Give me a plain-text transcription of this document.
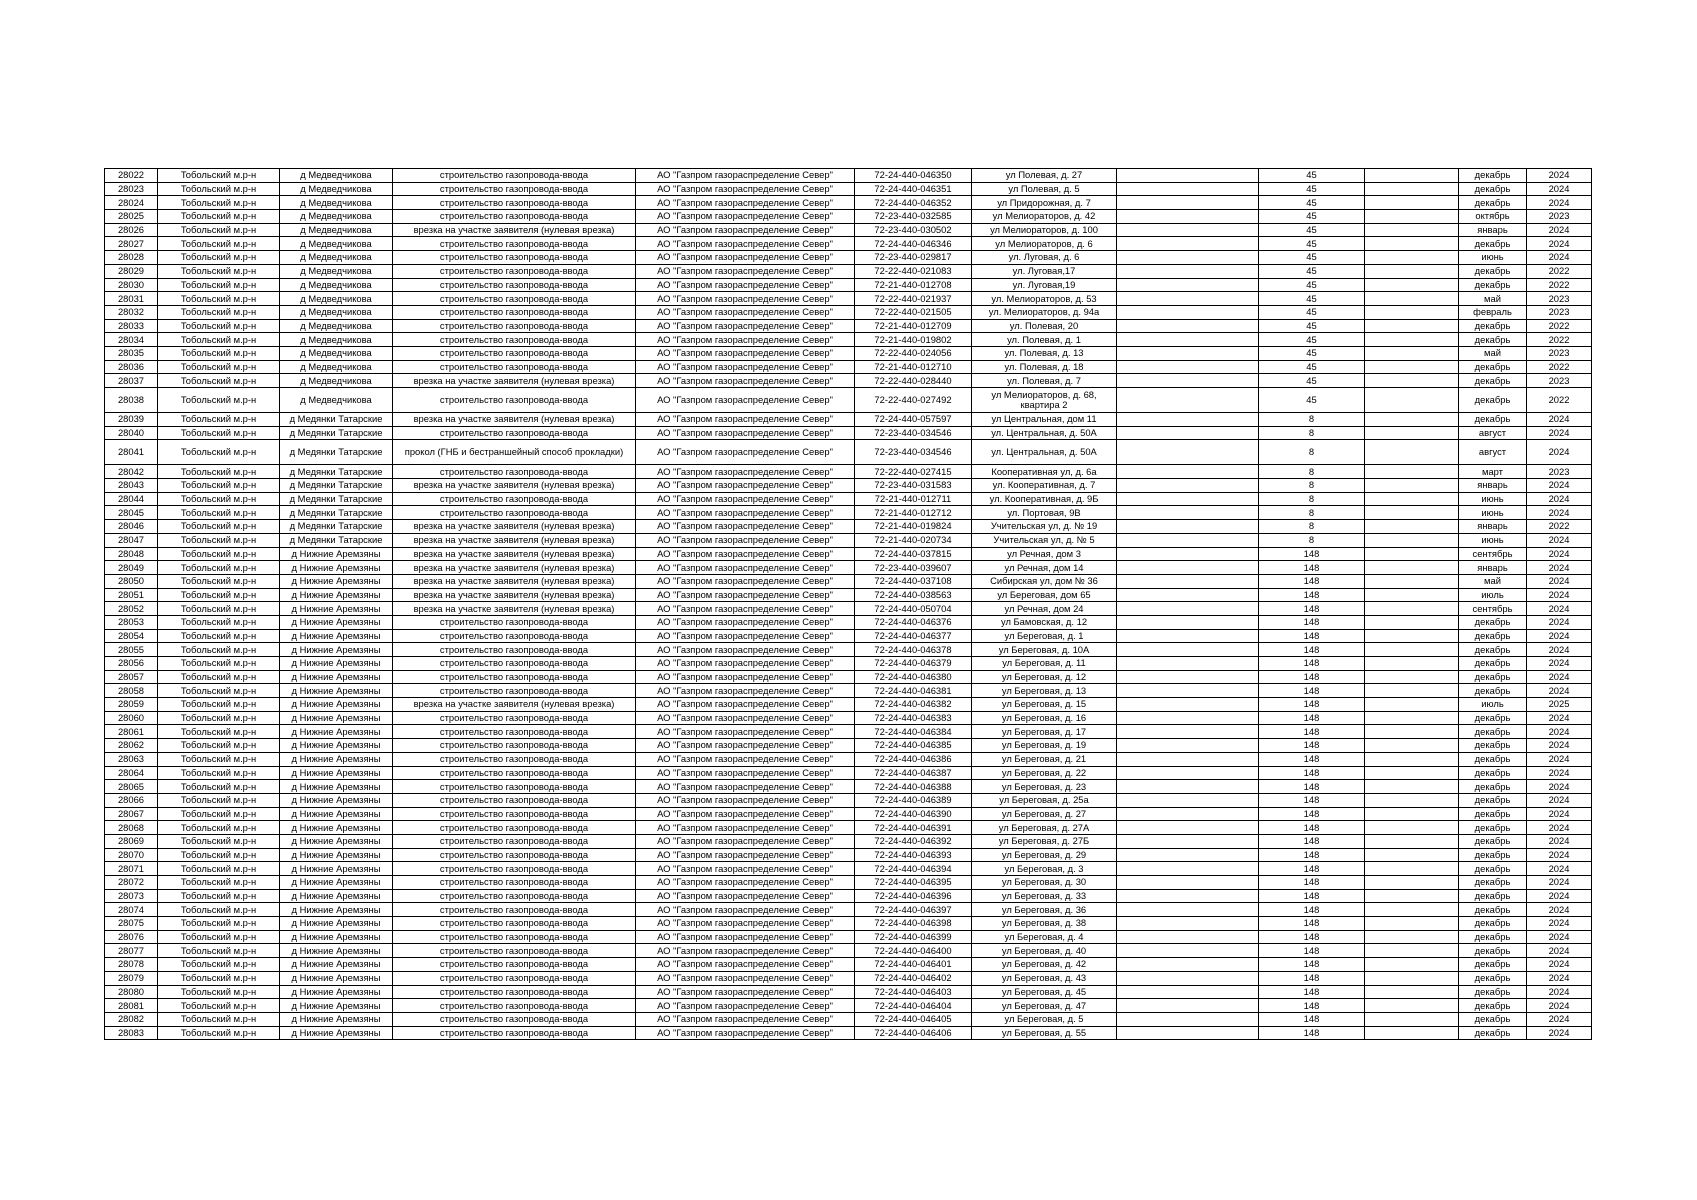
28022	Тобольский м.р-н	д Медведчикова	строительство газопровода-ввода	АО "Газпром газораспределение Север"	72-24-440-046350	ул Полевая, д. 27		45		декабрь	2024
28023	Тобольский м.р-н	д Медведчикова	строительство газопровода-ввода	АО "Газпром газораспределение Север"	72-24-440-046351	ул Полевая, д. 5		45		декабрь	2024
28024	Тобольский м.р-н	д Медведчикова	строительство газопровода-ввода	АО "Газпром газораспределение Север"	72-24-440-046352	ул Придорожная, д. 7		45		декабрь	2024
28025	Тобольский м.р-н	д Медведчикова	строительство газопровода-ввода	АО "Газпром газораспределение Север"	72-23-440-032585	ул Мелиораторов, д. 42		45		октябрь	2023
28026	Тобольский м.р-н	д Медведчикова	врезка на участке заявителя (нулевая врезка)	АО "Газпром газораспределение Север"	72-23-440-030502	ул Мелиораторов, д. 100		45		январь	2024
28027	Тобольский м.р-н	д Медведчикова	строительство газопровода-ввода	АО "Газпром газораспределение Север"	72-24-440-046346	ул Мелиораторов, д. 6		45		декабрь	2024
28028	Тобольский м.р-н	д Медведчикова	строительство газопровода-ввода	АО "Газпром газораспределение Север"	72-23-440-029817	ул. Луговая, д. 6		45		июнь	2024
28029	Тобольский м.р-н	д Медведчикова	строительство газопровода-ввода	АО "Газпром газораспределение Север"	72-22-440-021083	ул. Луговая,17		45		декабрь	2022
28030	Тобольский м.р-н	д Медведчикова	строительство газопровода-ввода	АО "Газпром газораспределение Север"	72-21-440-012708	ул. Луговая,19		45		декабрь	2022
28031	Тобольский м.р-н	д Медведчикова	строительство газопровода-ввода	АО "Газпром газораспределение Север"	72-22-440-021937	ул. Мелиораторов, д. 53		45		май	2023
28032	Тобольский м.р-н	д Медведчикова	строительство газопровода-ввода	АО "Газпром газораспределение Север"	72-22-440-021505	ул. Мелиораторов, д. 94а		45		февраль	2023
28033	Тобольский м.р-н	д Медведчикова	строительство газопровода-ввода	АО "Газпром газораспределение Север"	72-21-440-012709	ул. Полевая, 20		45		декабрь	2022
28034	Тобольский м.р-н	д Медведчикова	строительство газопровода-ввода	АО "Газпром газораспределение Север"	72-21-440-019802	ул. Полевая, д. 1		45		декабрь	2022
28035	Тобольский м.р-н	д Медведчикова	строительство газопровода-ввода	АО "Газпром газораспределение Север"	72-22-440-024056	ул. Полевая, д. 13		45		май	2023
28036	Тобольский м.р-н	д Медведчикова	строительство газопровода-ввода	АО "Газпром газораспределение Север"	72-21-440-012710	ул. Полевая, д. 18		45		декабрь	2022
28037	Тобольский м.р-н	д Медведчикова	врезка на участке заявителя (нулевая врезка)	АО "Газпром газораспределение Север"	72-22-440-028440	ул. Полевая, д. 7		45		декабрь	2023
28038	Тобольский м.р-н	д Медведчикова	строительство газопровода-ввода	АО "Газпром газораспределение Север"	72-22-440-027492	ул Мелиораторов, д. 68, квартира 2		45		декабрь	2022
28039	Тобольский м.р-н	д Медянки Татарские	врезка на участке заявителя (нулевая врезка)	АО "Газпром газораспределение Север"	72-24-440-057597	ул Центральная, дом 11		8		декабрь	2024
28040	Тобольский м.р-н	д Медянки Татарские	строительство газопровода-ввода	АО "Газпром газораспределение Север"	72-23-440-034546	ул. Центральная, д. 50А		8		август	2024
28041	Тобольский м.р-н	д Медянки Татарские	прокол (ГНБ и бестраншейный способ прокладки)	АО "Газпром газораспределение Север"	72-23-440-034546	ул. Центральная, д. 50А		8		август	2024
28042	Тобольский м.р-н	д Медянки Татарские	строительство газопровода-ввода	АО "Газпром газораспределение Север"	72-22-440-027415	Кооперативная ул, д. 6а		8		март	2023
28043	Тобольский м.р-н	д Медянки Татарские	врезка на участке заявителя (нулевая врезка)	АО "Газпром газораспределение Север"	72-23-440-031583	ул. Кооперативная, д. 7		8		январь	2024
28044	Тобольский м.р-н	д Медянки Татарские	строительство газопровода-ввода	АО "Газпром газораспределение Север"	72-21-440-012711	ул. Кооперативная, д. 9Б		8		июнь	2024
28045	Тобольский м.р-н	д Медянки Татарские	строительство газопровода-ввода	АО "Газпром газораспределение Север"	72-21-440-012712	ул. Портовая, 9В		8		июнь	2024
28046	Тобольский м.р-н	д Медянки Татарские	врезка на участке заявителя (нулевая врезка)	АО "Газпром газораспределение Север"	72-21-440-019824	Учительская ул, д. № 19		8		январь	2022
28047	Тобольский м.р-н	д Медянки Татарские	врезка на участке заявителя (нулевая врезка)	АО "Газпром газораспределение Север"	72-21-440-020734	Учительская ул, д. № 5		8		июнь	2024
28048	Тобольский м.р-н	д Нижние Аремзяны	врезка на участке заявителя (нулевая врезка)	АО "Газпром газораспределение Север"	72-24-440-037815	ул Речная, дом 3		148		сентябрь	2024
28049	Тобольский м.р-н	д Нижние Аремзяны	врезка на участке заявителя (нулевая врезка)	АО "Газпром газораспределение Север"	72-23-440-039607	ул Речная, дом 14		148		январь	2024
28050	Тобольский м.р-н	д Нижние Аремзяны	врезка на участке заявителя (нулевая врезка)	АО "Газпром газораспределение Север"	72-24-440-037108	Сибирская ул, дом № 36		148		май	2024
28051	Тобольский м.р-н	д Нижние Аремзяны	врезка на участке заявителя (нулевая врезка)	АО "Газпром газораспределение Север"	72-24-440-038563	ул Береговая, дом 65		148		июль	2024
28052	Тобольский м.р-н	д Нижние Аремзяны	врезка на участке заявителя (нулевая врезка)	АО "Газпром газораспределение Север"	72-24-440-050704	ул Речная, дом 24		148		сентябрь	2024
28053	Тобольский м.р-н	д Нижние Аремзяны	строительство газопровода-ввода	АО "Газпром газораспределение Север"	72-24-440-046376	ул Бамовская, д. 12		148		декабрь	2024
28054	Тобольский м.р-н	д Нижние Аремзяны	строительство газопровода-ввода	АО "Газпром газораспределение Север"	72-24-440-046377	ул Береговая, д. 1		148		декабрь	2024
28055	Тобольский м.р-н	д Нижние Аремзяны	строительство газопровода-ввода	АО "Газпром газораспределение Север"	72-24-440-046378	ул Береговая, д. 10А		148		декабрь	2024
28056	Тобольский м.р-н	д Нижние Аремзяны	строительство газопровода-ввода	АО "Газпром газораспределение Север"	72-24-440-046379	ул Береговая, д. 11		148		декабрь	2024
28057	Тобольский м.р-н	д Нижние Аремзяны	строительство газопровода-ввода	АО "Газпром газораспределение Север"	72-24-440-046380	ул Береговая, д. 12		148		декабрь	2024
28058	Тобольский м.р-н	д Нижние Аремзяны	строительство газопровода-ввода	АО "Газпром газораспределение Север"	72-24-440-046381	ул Береговая, д. 13		148		декабрь	2024
28059	Тобольский м.р-н	д Нижние Аремзяны	врезка на участке заявителя (нулевая врезка)	АО "Газпром газораспределение Север"	72-24-440-046382	ул Береговая, д. 15		148		июль	2025
28060	Тобольский м.р-н	д Нижние Аремзяны	строительство газопровода-ввода	АО "Газпром газораспределение Север"	72-24-440-046383	ул Береговая, д. 16		148		декабрь	2024
28061	Тобольский м.р-н	д Нижние Аремзяны	строительство газопровода-ввода	АО "Газпром газораспределение Север"	72-24-440-046384	ул Береговая, д. 17		148		декабрь	2024
28062	Тобольский м.р-н	д Нижние Аремзяны	строительство газопровода-ввода	АО "Газпром газораспределение Север"	72-24-440-046385	ул Береговая, д. 19		148		декабрь	2024
28063	Тобольский м.р-н	д Нижние Аремзяны	строительство газопровода-ввода	АО "Газпром газораспределение Север"	72-24-440-046386	ул Береговая, д. 21		148		декабрь	2024
28064	Тобольский м.р-н	д Нижние Аремзяны	строительство газопровода-ввода	АО "Газпром газораспределение Север"	72-24-440-046387	ул Береговая, д. 22		148		декабрь	2024
28065	Тобольский м.р-н	д Нижние Аремзяны	строительство газопровода-ввода	АО "Газпром газораспределение Север"	72-24-440-046388	ул Береговая, д. 23		148		декабрь	2024
28066	Тобольский м.р-н	д Нижние Аремзяны	строительство газопровода-ввода	АО "Газпром газораспределение Север"	72-24-440-046389	ул Береговая, д. 25а		148		декабрь	2024
28067	Тобольский м.р-н	д Нижние Аремзяны	строительство газопровода-ввода	АО "Газпром газораспределение Север"	72-24-440-046390	ул Береговая, д. 27		148		декабрь	2024
28068	Тобольский м.р-н	д Нижние Аремзяны	строительство газопровода-ввода	АО "Газпром газораспределение Север"	72-24-440-046391	ул Береговая, д. 27А		148		декабрь	2024
28069	Тобольский м.р-н	д Нижние Аремзяны	строительство газопровода-ввода	АО "Газпром газораспределение Север"	72-24-440-046392	ул Береговая, д. 27Б		148		декабрь	2024
28070	Тобольский м.р-н	д Нижние Аремзяны	строительство газопровода-ввода	АО "Газпром газораспределение Север"	72-24-440-046393	ул Береговая, д. 29		148		декабрь	2024
28071	Тобольский м.р-н	д Нижние Аремзяны	строительство газопровода-ввода	АО "Газпром газораспределение Север"	72-24-440-046394	ул Береговая, д. 3		148		декабрь	2024
28072	Тобольский м.р-н	д Нижние Аремзяны	строительство газопровода-ввода	АО "Газпром газораспределение Север"	72-24-440-046395	ул Береговая, д. 30		148		декабрь	2024
28073	Тобольский м.р-н	д Нижние Аремзяны	строительство газопровода-ввода	АО "Газпром газораспределение Север"	72-24-440-046396	ул Береговая, д. 33		148		декабрь	2024
28074	Тобольский м.р-н	д Нижние Аремзяны	строительство газопровода-ввода	АО "Газпром газораспределение Север"	72-24-440-046397	ул Береговая, д. 36		148		декабрь	2024
28075	Тобольский м.р-н	д Нижние Аремзяны	строительство газопровода-ввода	АО "Газпром газораспределение Север"	72-24-440-046398	ул Береговая, д. 38		148		декабрь	2024
28076	Тобольский м.р-н	д Нижние Аремзяны	строительство газопровода-ввода	АО "Газпром газораспределение Север"	72-24-440-046399	ул Береговая, д. 4		148		декабрь	2024
28077	Тобольский м.р-н	д Нижние Аремзяны	строительство газопровода-ввода	АО "Газпром газораспределение Север"	72-24-440-046400	ул Береговая, д. 40		148		декабрь	2024
28078	Тобольский м.р-н	д Нижние Аремзяны	строительство газопровода-ввода	АО "Газпром газораспределение Север"	72-24-440-046401	ул Береговая, д. 42		148		декабрь	2024
28079	Тобольский м.р-н	д Нижние Аремзяны	строительство газопровода-ввода	АО "Газпром газораспределение Север"	72-24-440-046402	ул Береговая, д. 43		148		декабрь	2024
28080	Тобольский м.р-н	д Нижние Аремзяны	строительство газопровода-ввода	АО "Газпром газораспределение Север"	72-24-440-046403	ул Береговая, д. 45		148		декабрь	2024
28081	Тобольский м.р-н	д Нижние Аремзяны	строительство газопровода-ввода	АО "Газпром газораспределение Север"	72-24-440-046404	ул Береговая, д. 47		148		декабрь	2024
28082	Тобольский м.р-н	д Нижние Аремзяны	строительство газопровода-ввода	АО "Газпром газораспределение Север"	72-24-440-046405	ул Береговая, д. 5		148		декабрь	2024
28083	Тобольский м.р-н	д Нижние Аремзяны	строительство газопровода-ввода	АО "Газпром газораспределение Север"	72-24-440-046406	ул Береговая, д. 55		148		декабрь	2024
